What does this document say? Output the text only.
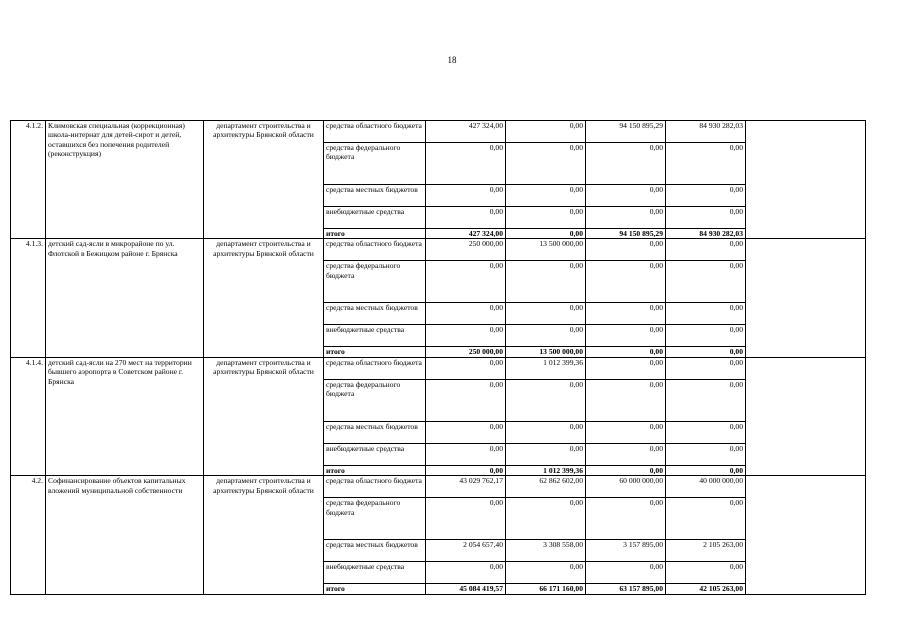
18
4.1.2.	Климовская специальная (коррекционная) школа-интернат для детей-сирот и детей, оставшихся без попечения родителей (реконструкция)	департамент строительства и архитектуры Брянской области	средства областного бюджета	427 324,00	0,00	94 150 895,29	84 930 282,03	
			средства федерального бюджета	0,00	0,00	0,00	0,00	
			средства местных бюджетов	0,00	0,00	0,00	0,00	
			внебюджетные средства	0,00	0,00	0,00	0,00	
			итого	427 324,00	0,00	94 150 895,29	84 930 282,03	
4.1.3.	детский сад-ясли в микрорайоне по ул. Флотской в Бежицком районе г. Брянска	департамент строительства и архитектуры Брянской области	средства областного бюджета	250 000,00	13 500 000,00	0,00	0,00	
			средства федерального бюджета	0,00	0,00	0,00	0,00	
			средства местных бюджетов	0,00	0,00	0,00	0,00	
			внебюджетные средства	0,00	0,00	0,00	0,00	
			итого	250 000,00	13 500 000,00	0,00	0,00	
4.1.4.	детский сад-ясли на 270 мест на территории бывшего аэропорта в Советском районе г. Брянска	департамент строительства и архитектуры Брянской области	средства областного бюджета	0,00	1 012 399,36	0,00	0,00	
			средства федерального бюджета	0,00	0,00	0,00	0,00	
			средства местных бюджетов	0,00	0,00	0,00	0,00	
			внебюджетные средства	0,00	0,00	0,00	0,00	
			итого	0,00	1 012 399,36	0,00	0,00	
4.2.	Софинансирование объектов капитальных вложений муниципальной собственности	департамент строительства и архитектуры Брянской области	средства областного бюджета	43 029 762,17	62 862 602,00	60 000 000,00	40 000 000,00	
			средства федерального бюджета	0,00	0,00	0,00	0,00	
			средства местных бюджетов	2 054 657,40	3 308 558,00	3 157 895,00	2 105 263,00	
			внебюджетные средства	0,00	0,00	0,00	0,00	
			итого	45 084 419,57	66 171 160,00	63 157 895,00	42 105 263,00	
